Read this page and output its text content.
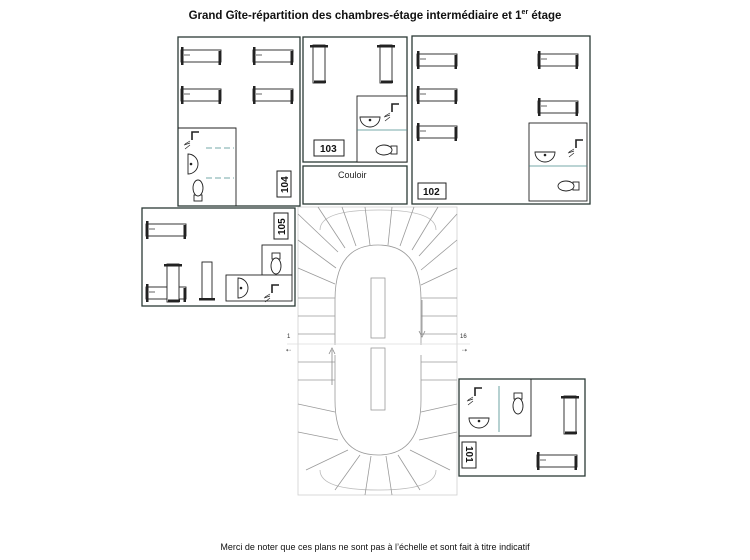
Grand Gîte-répartition des chambres-étage intermédiaire et 1er étage
1	16
⇠	⇢
104
103
Couloir
102
105
101
Merci de noter que ces plans ne sont pas à l’échelle et sont fait à titre indicatif
